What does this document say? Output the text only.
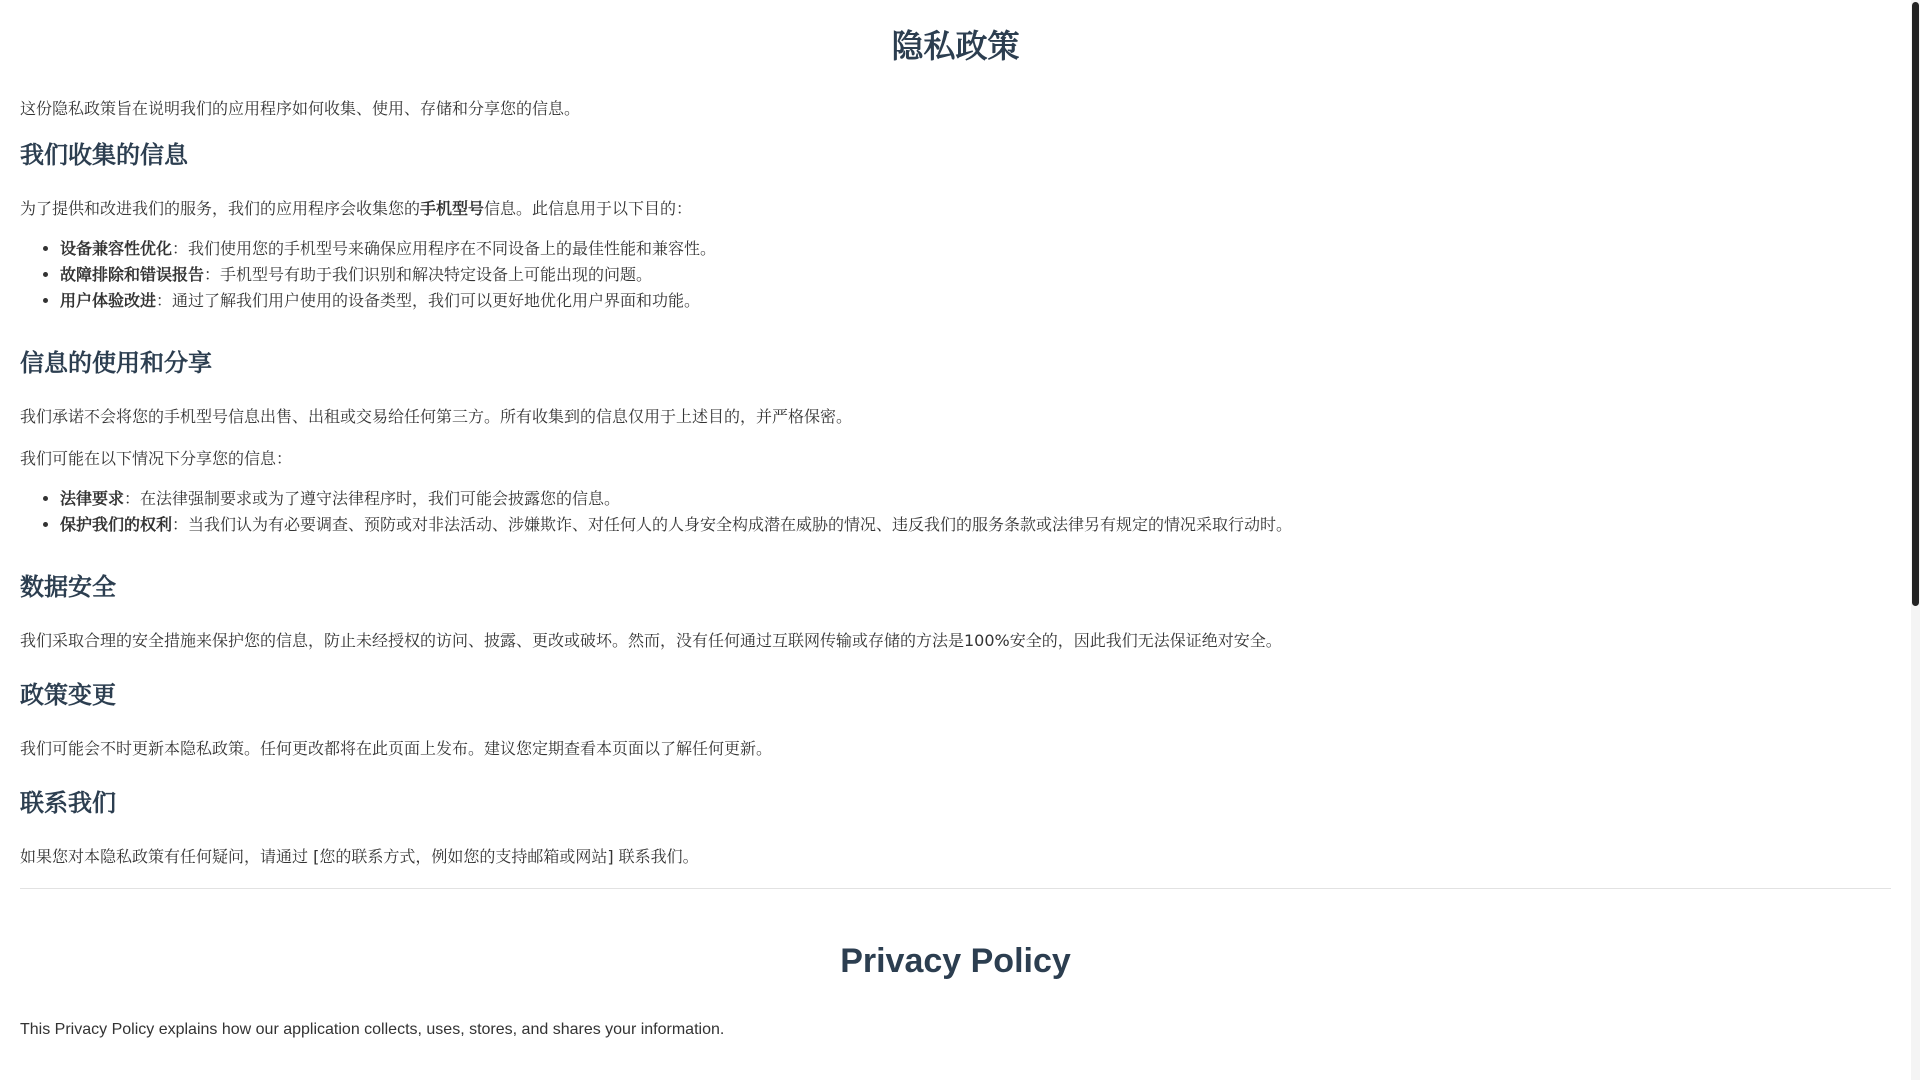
隐私政策

这份隐私政策旨在说明我们的应用程序如何收集、使用、存储和分享您的信息。

我们收集的信息

为了提供和改进我们的服务，我们的应用程序会收集您的手机型号信息。此信息用于以下目的：

• 设备兼容性优化：我们使用您的手机型号来确保应用程序在不同设备上的最佳性能和兼容性。
• 故障排除和错误报告：手机型号有助于我们识别和解决特定设备上可能出现的问题。
• 用户体验改进：通过了解我们用户使用的设备类型，我们可以更好地优化用户界面和功能。
信息的使用和分享

我们承诺不会将您的手机型号信息出售、出租或交易给任何第三方。所有收集到的信息仅用于上述目的，并严格保密。

我们可能在以下情况下分享您的信息：

• 法律要求：在法律强制要求或为了遵守法律程序时，我们可能会披露您的信息。
• 保护我们的权利：当我们认为有必要调查、预防或对非法活动、涉嫌欺诈、对任何人的人身安全构成潜在威胁的情况、违反我们的服务条款或法律另有规定的情况采取行动时。
数据安全

我们采取合理的安全措施来保护您的信息，防止未经授权的访问、披露、更改或破坏。然而，没有任何通过互联网传输或存储的方法是100%安全的，因此我们无法保证绝对安全。

政策变更

我们可能会不时更新本隐私政策。任何更改都将在此页面上发布。建议您定期查看本页面以了解任何更新。

联系我们

如果您对本隐私政策有任何疑问，请通过 [您的联系方式，例如您的支持邮箱或网站] 联系我们。

Privacy Policy

This Privacy Policy explains how our application collects, uses, stores, and shares your information.
